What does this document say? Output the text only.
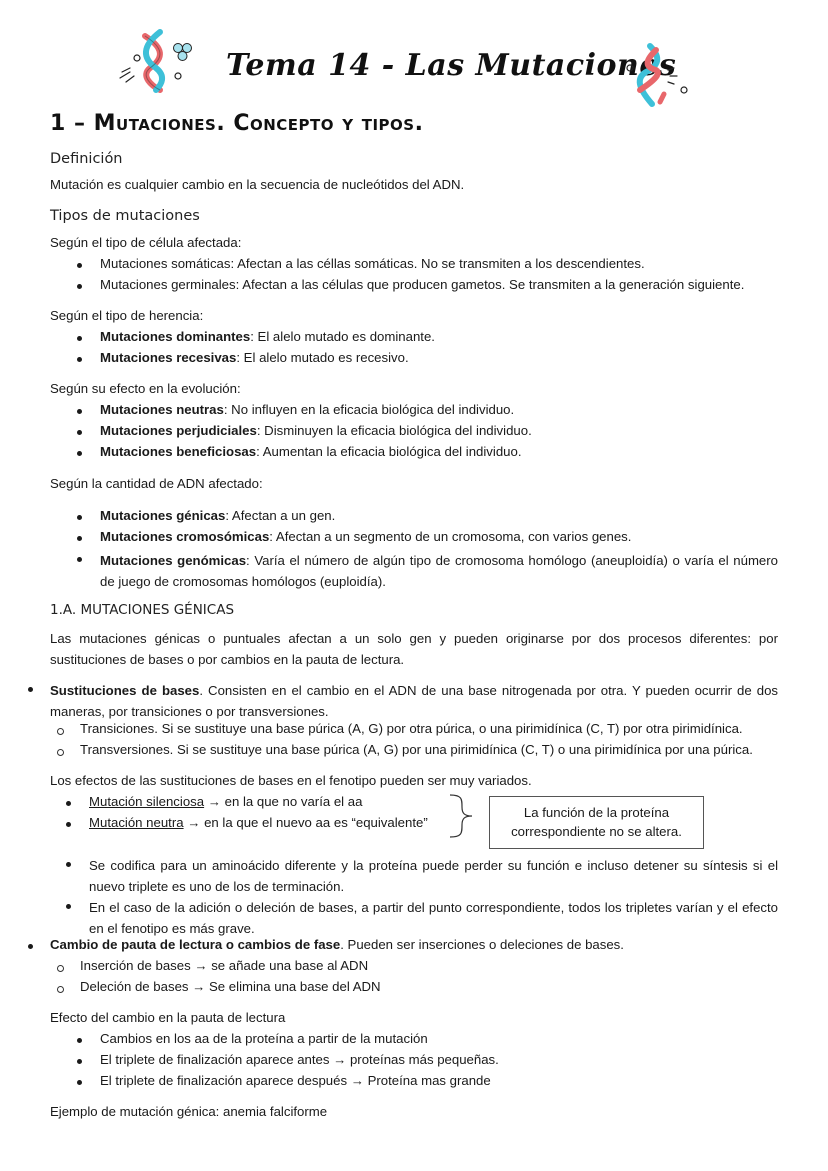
Tema 14 - Las Mutaciones
1 – Mutaciones. Concepto y tipos.
Definición
Mutación es cualquier cambio en la secuencia de nucleótidos del ADN.
Tipos de mutaciones
Según el tipo de célula afectada:
Mutaciones somáticas: Afectan a las céllas somáticas. No se transmiten a los descendientes.
Mutaciones germinales: Afectan a las células que producen gametos. Se transmiten a la generación siguiente.
Según el tipo de herencia:
Mutaciones dominantes: El alelo mutado es dominante.
Mutaciones recesivas: El alelo mutado es recesivo.
Según su efecto en la evolución:
Mutaciones neutras: No influyen en la eficacia biológica del individuo.
Mutaciones perjudiciales: Disminuyen la eficacia biológica del individuo.
Mutaciones beneficiosas: Aumentan la eficacia biológica del individuo.
Según la cantidad de ADN afectado:
Mutaciones génicas: Afectan a un gen.
Mutaciones cromosómicas: Afectan a un segmento de un cromosoma, con varios genes.
Mutaciones genómicas: Varía el número de algún tipo de cromosoma homólogo (aneuploidía) o varía el número de juego de cromosomas homólogos (euploidía).
1.A. MUTACIONES GÉNICAS
Las mutaciones génicas o puntuales afectan a un solo gen y pueden originarse por dos procesos diferentes: por sustituciones de bases o por cambios en la pauta de lectura.
Sustituciones de bases. Consisten en el cambio en el ADN de una base nitrogenada por otra. Y pueden ocurrir de dos maneras, por transiciones o por transversiones.
Transiciones. Si se sustituye una base púrica (A, G) por otra púrica, o una pirimidínica (C, T) por otra pirimidínica.
Transversiones. Si se sustituye una base púrica (A, G) por una pirimidínica (C, T) o una pirimidínica por una púrica.
Los efectos de las sustituciones de bases en el fenotipo pueden ser muy variados.
Mutación silenciosa → en la que no varía el aa
Mutación neutra → en la que el nuevo aa es “equivalente”
La función de la proteína
correspondiente no se altera.
Se codifica para un aminoácido diferente y la proteína puede perder su función e incluso detener su síntesis si el nuevo triplete es uno de los de terminación.
En el caso de la adición o deleción de bases, a partir del punto correspondiente, todos los tripletes varían y el efecto en el fenotipo es más grave.
Cambio de pauta de lectura o cambios de fase. Pueden ser inserciones o deleciones de bases.
Inserción de bases → se añade una base al ADN
Deleción de bases → Se elimina una base del ADN
Efecto del cambio en la pauta de lectura
Cambios en los aa de la proteína a partir de la mutación
El triplete de finalización aparece antes → proteínas más pequeñas.
El triplete de finalización aparece después → Proteína mas grande
Ejemplo de mutación génica: anemia falciforme
